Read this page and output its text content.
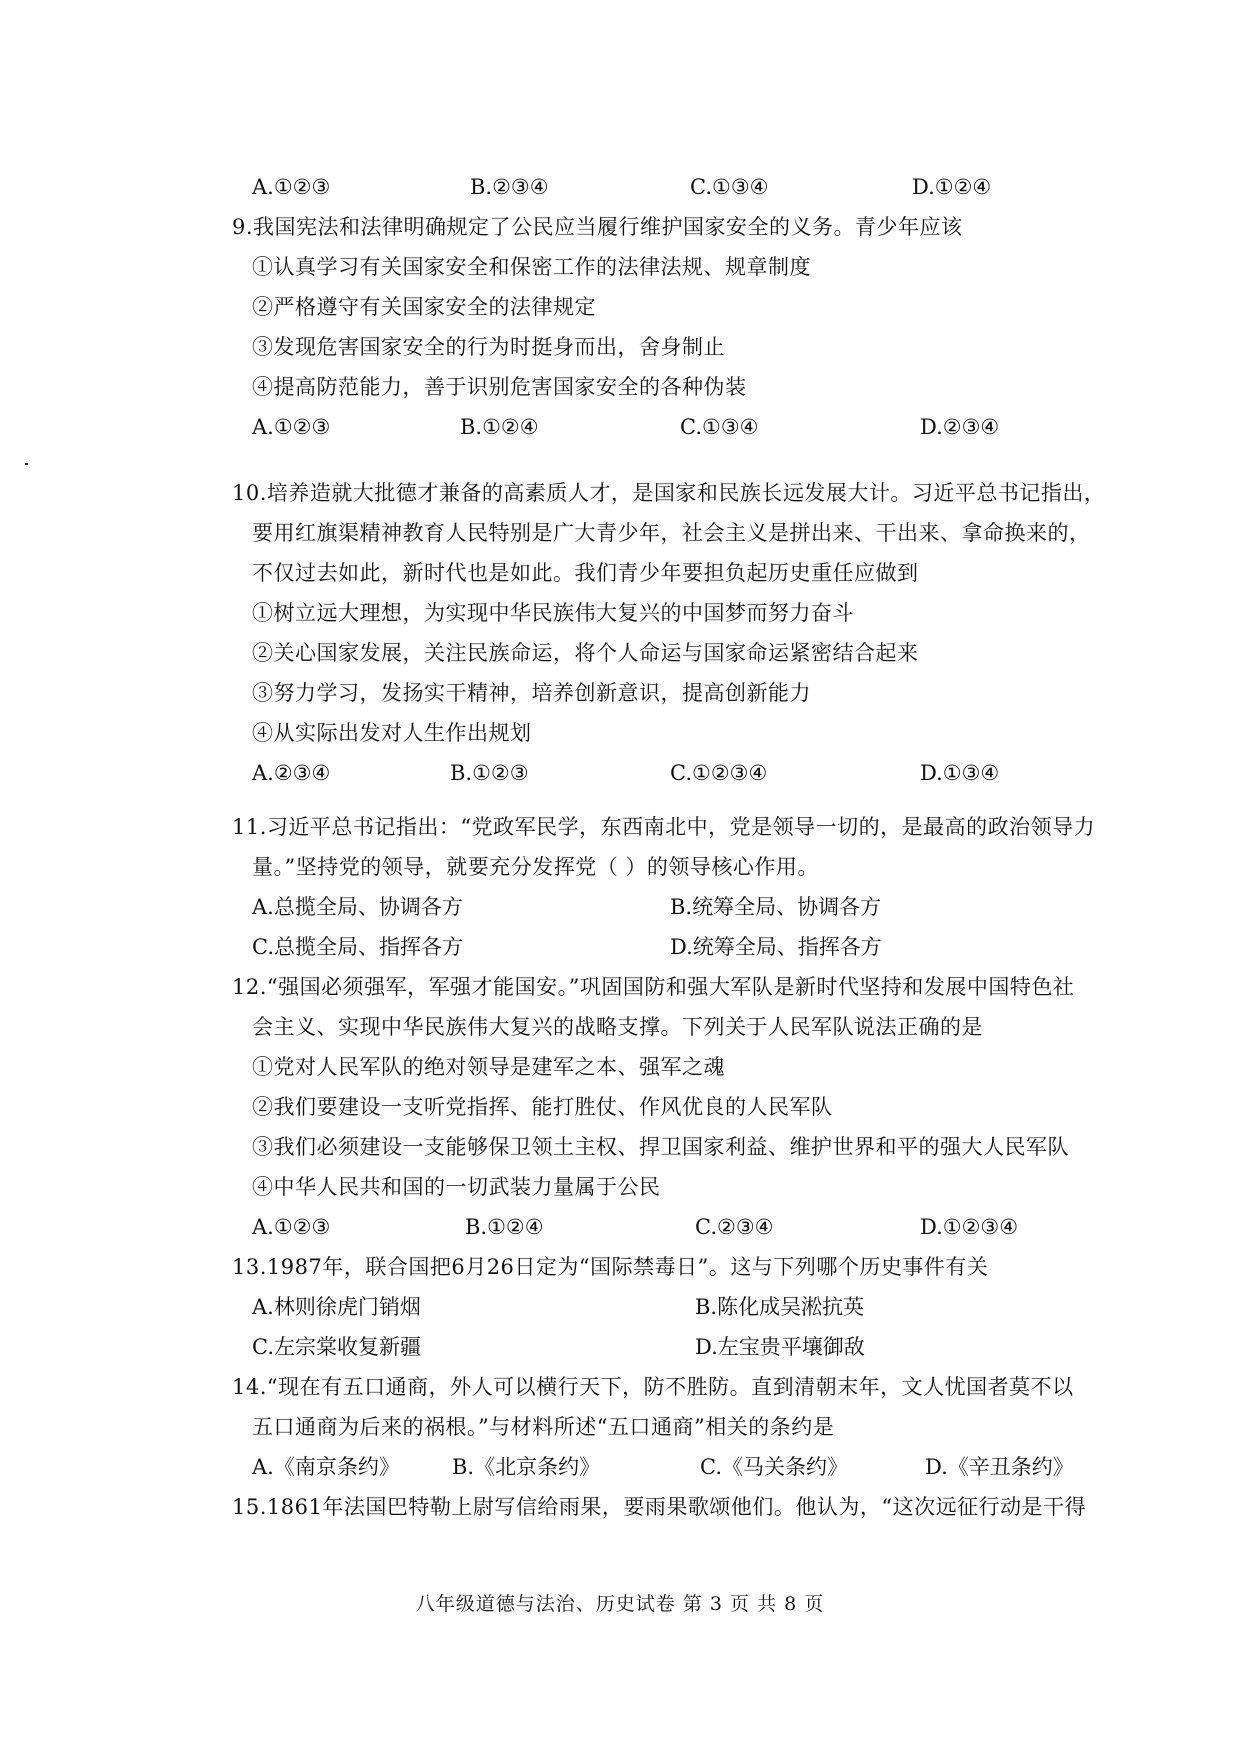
A.①②③	B.②③④	C.①③④	D.①②④
9.我国宪法和法律明确规定了公民应当履行维护国家安全的义务。青少年应该
①认真学习有关国家安全和保密工作的法律法规、规章制度
②严格遵守有关国家安全的法律规定
③发现危害国家安全的行为时挺身而出，舍身制止
④提高防范能力，善于识别危害国家安全的各种伪装
A.①②③	B.①②④	C.①③④	D.②③④
10.培养造就大批德才兼备的高素质人才，是国家和民族长远发展大计。习近平总书记指出，
要用红旗渠精神教育人民特别是广大青少年，社会主义是拼出来、干出来、拿命换来的，
不仅过去如此，新时代也是如此。我们青少年要担负起历史重任应做到
①树立远大理想，为实现中华民族伟大复兴的中国梦而努力奋斗
②关心国家发展，关注民族命运，将个人命运与国家命运紧密结合起来
③努力学习，发扬实干精神，培养创新意识，提高创新能力
④从实际出发对人生作出规划
A.②③④	B.①②③	C.①②③④	D.①③④
11.习近平总书记指出：“党政军民学，东西南北中，党是领导一切的，是最高的政治领导力
量。”坚持党的领导，就要充分发挥党（ ）的领导核心作用。
A.总揽全局、协调各方	B.统筹全局、协调各方
C.总揽全局、指挥各方	D.统筹全局、指挥各方
12.“强国必须强军，军强才能国安。”巩固国防和强大军队是新时代坚持和发展中国特色社
会主义、实现中华民族伟大复兴的战略支撑。下列关于人民军队说法正确的是
①党对人民军队的绝对领导是建军之本、强军之魂
②我们要建设一支听党指挥、能打胜仗、作风优良的人民军队
③我们必须建设一支能够保卫领土主权、捍卫国家利益、维护世界和平的强大人民军队
④中华人民共和国的一切武装力量属于公民
A.①②③	B.①②④	C.②③④	D.①②③④
13.1987年，联合国把6月26日定为“国际禁毒日”。这与下列哪个历史事件有关
A.林则徐虎门销烟	B.陈化成吴淞抗英
C.左宗棠收复新疆	D.左宝贵平壤御敌
14.“现在有五口通商，外人可以横行天下，防不胜防。直到清朝末年，文人忧国者莫不以
五口通商为后来的祸根。”与材料所述“五口通商”相关的条约是
A.《南京条约》 B.《北京条约》	C.《马关条约》	D.《辛丑条约》
15.1861年法国巴特勒上尉写信给雨果，要雨果歌颂他们。他认为，“这次远征行动是干得
八年级道德与法治、历史试卷 第 3 页 共 8 页
